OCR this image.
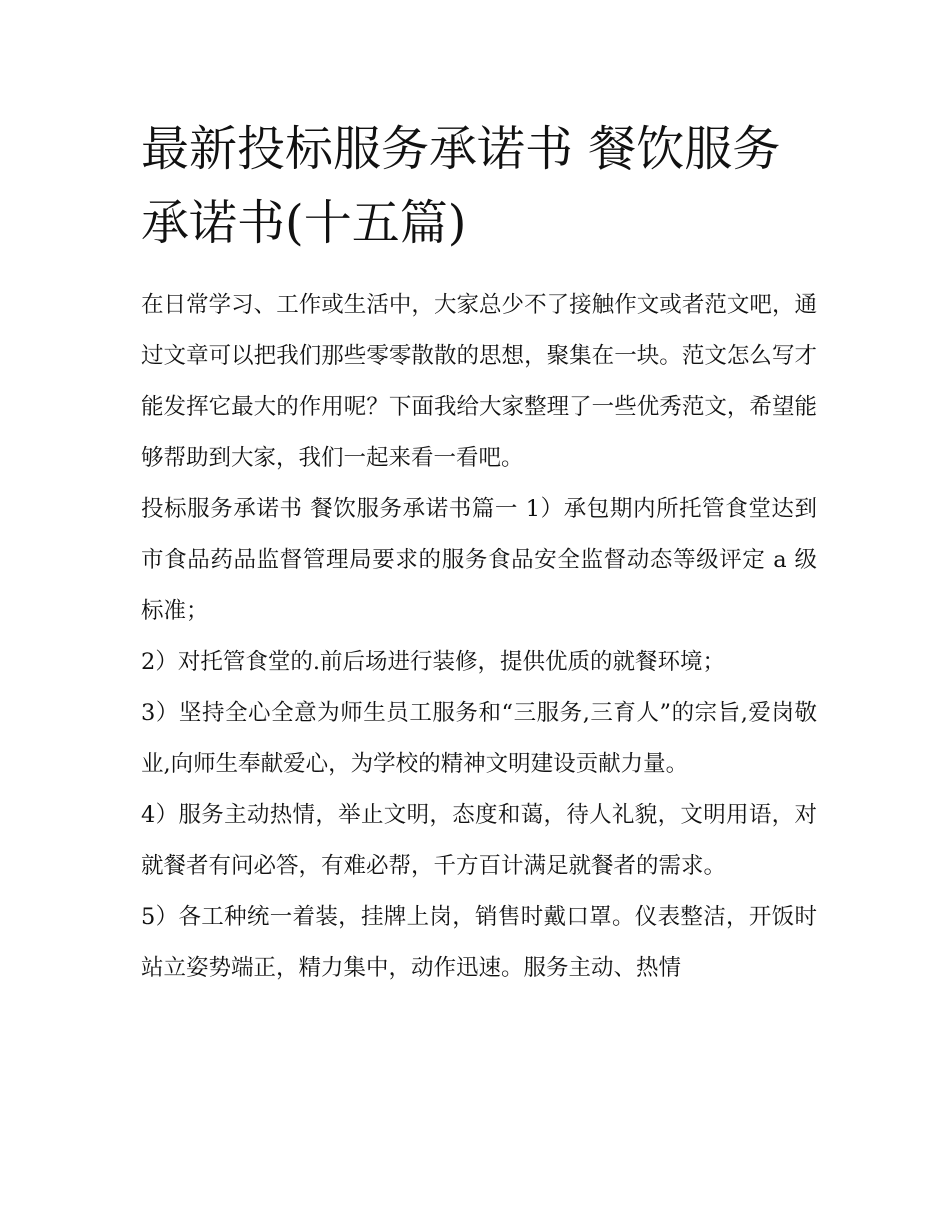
最新投标服务承诺书 餐饮服务承诺书(十五篇)

在日常学习、工作或生活中，大家总少不了接触作文或者范文吧，通过文章可以把我们那些零零散散的思想，聚集在一块。范文怎么写才能发挥它最大的作用呢？下面我给大家整理了一些优秀范文，希望能够帮助到大家，我们一起来看一看吧。

投标服务承诺书 餐饮服务承诺书篇一 1）承包期内所托管食堂达到市食品药品监督管理局要求的服务食品安全监督动态等级评定 a 级标准；

2）对托管食堂的.前后场进行装修，提供优质的就餐环境；

3）坚持全心全意为师生员工服务和“三服务,三育人”的宗旨,爱岗敬业,向师生奉献爱心，为学校的精神文明建设贡献力量。

4）服务主动热情，举止文明，态度和蔼，待人礼貌，文明用语，对就餐者有问必答，有难必帮，千方百计满足就餐者的需求。

5）各工种统一着装，挂牌上岗，销售时戴口罩。仪表整洁，开饭时站立姿势端正，精力集中，动作迅速。服务主动、热情
